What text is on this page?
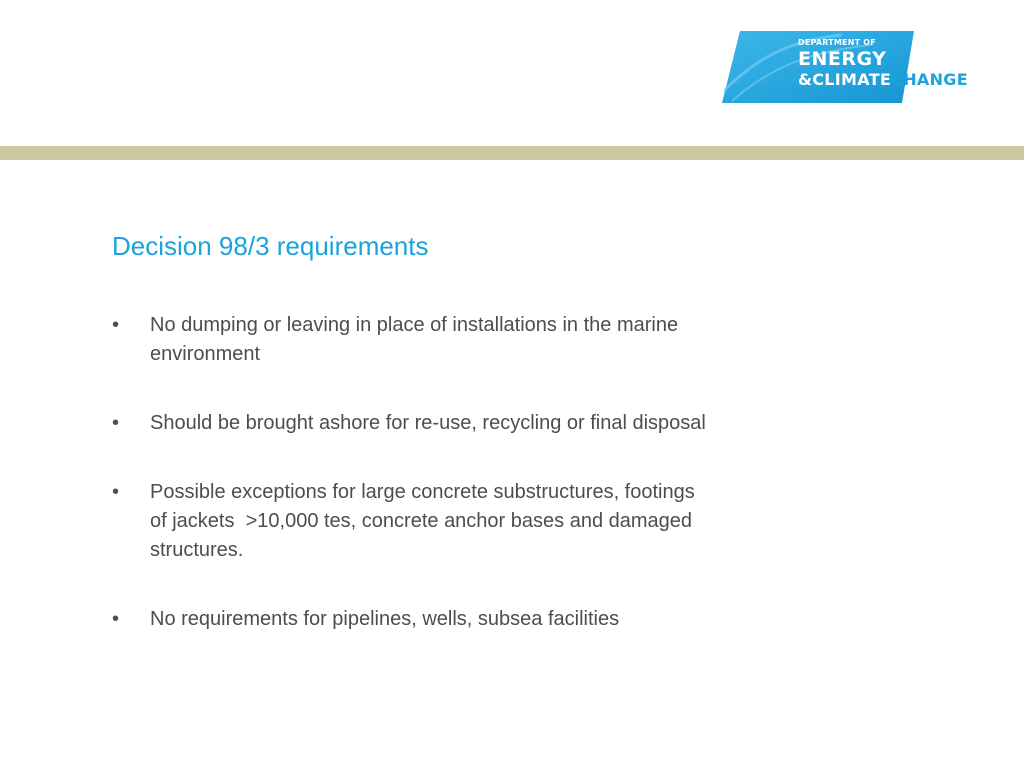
DEPARTMENT OF
ENERGY
&CLIMATECHANGE
Decision 98/3 requirements
• No dumping or leaving in place of installations in the marine
environment
• Should be brought ashore for re-use, recycling or final disposal
• Possible exceptions for large concrete substructures, footings
of jackets  >10,000 tes, concrete anchor bases and damaged
structures.
• No requirements for pipelines, wells, subsea facilities
